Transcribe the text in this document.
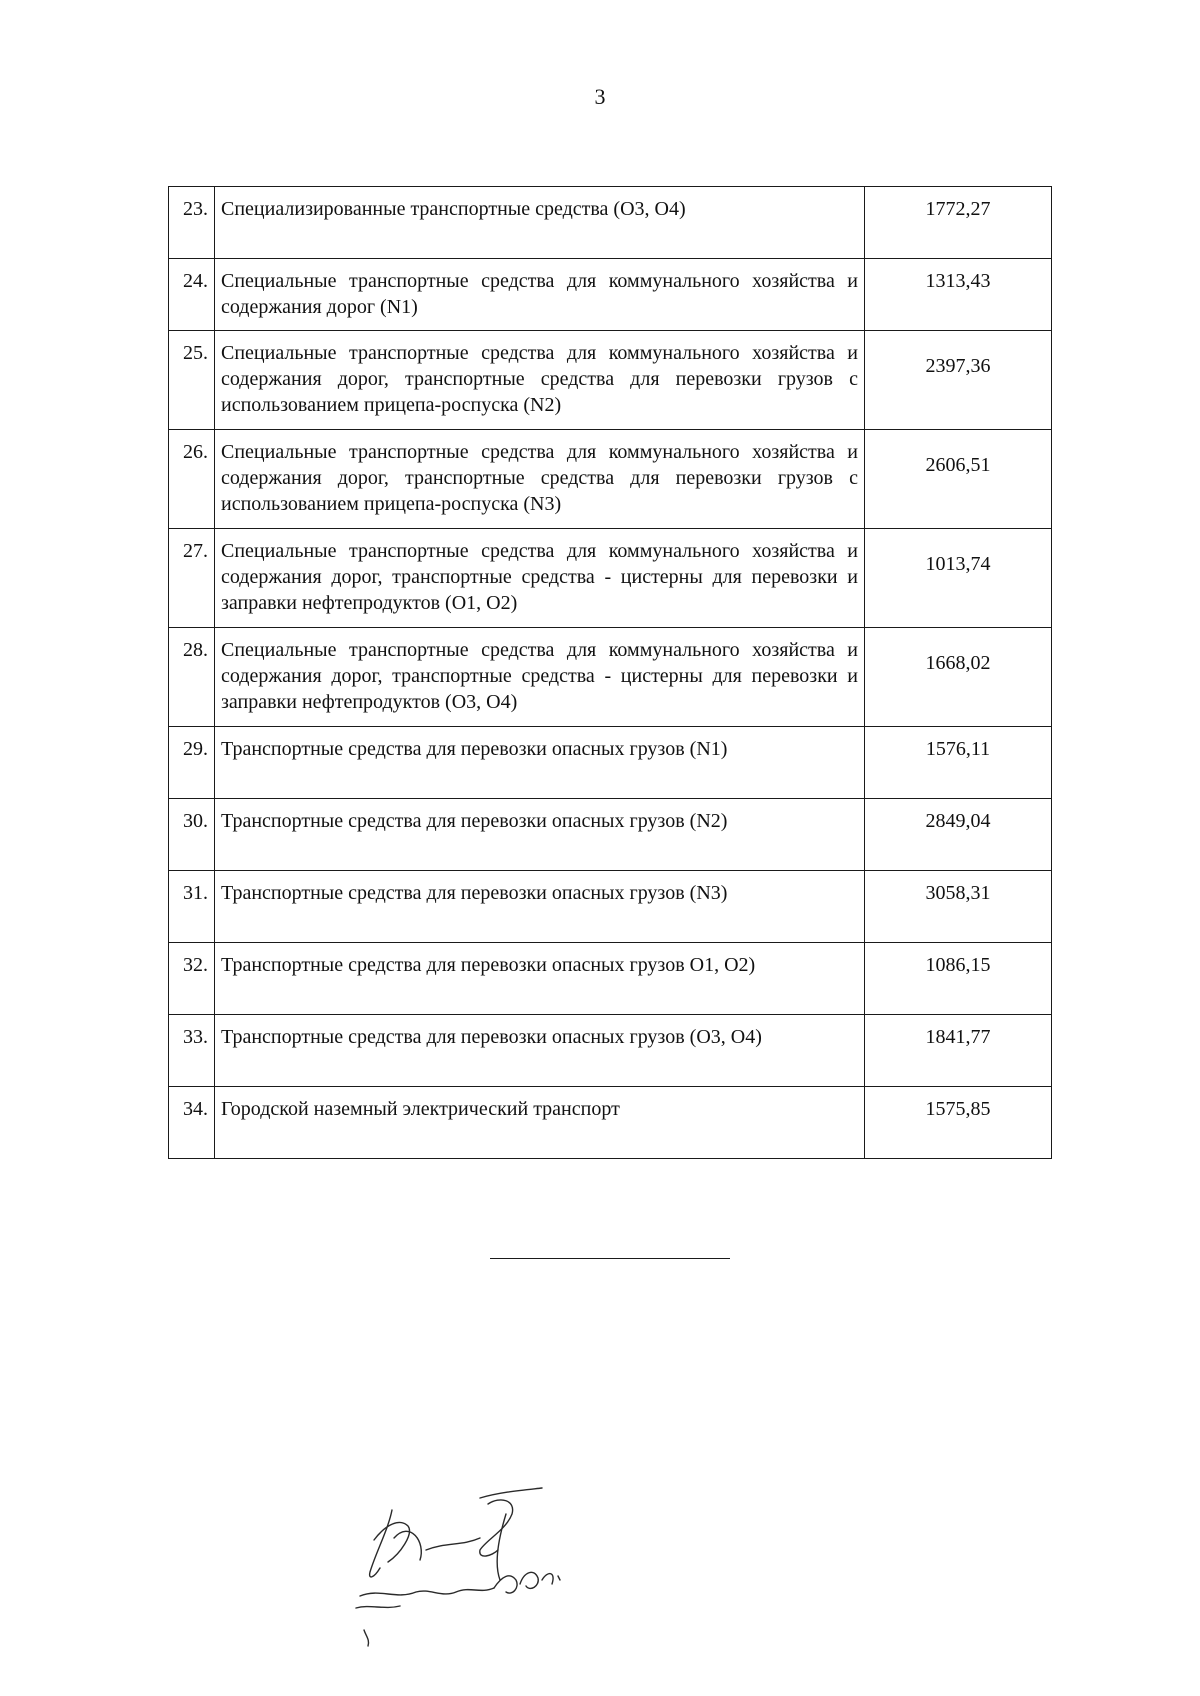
3
23.	Специализированные транспортные средства (О3, О4)	1772,27
24.	Специальные транспортные средства для коммунального хозяйства и содержания дорог (N1)	1313,43
25.	Специальные транспортные средства для коммунального хозяйства и содержания дорог, транспортные средства для перевозки грузов с использованием прицепа-роспуска (N2)	2397,36
26.	Специальные транспортные средства для коммунального хозяйства и содержания дорог, транспортные средства для перевозки грузов с использованием прицепа-роспуска (N3)	2606,51
27.	Специальные транспортные средства для коммунального хозяйства и содержания дорог, транспортные средства - цистерны для перевозки и заправки нефтепродуктов (О1, О2)	1013,74
28.	Специальные транспортные средства для коммунального хозяйства и содержания дорог, транспортные средства - цистерны для перевозки и заправки нефтепродуктов (О3, О4)	1668,02
29.	Транспортные средства для перевозки опасных грузов (N1)	1576,11
30.	Транспортные средства для перевозки опасных грузов (N2)	2849,04
31.	Транспортные средства для перевозки опасных грузов (N3)	3058,31
32.	Транспортные средства для перевозки опасных грузов О1, О2)	1086,15
33.	Транспортные средства для перевозки опасных грузов (О3, О4)	1841,77
34.	Городской наземный электрический транспорт	1575,85
